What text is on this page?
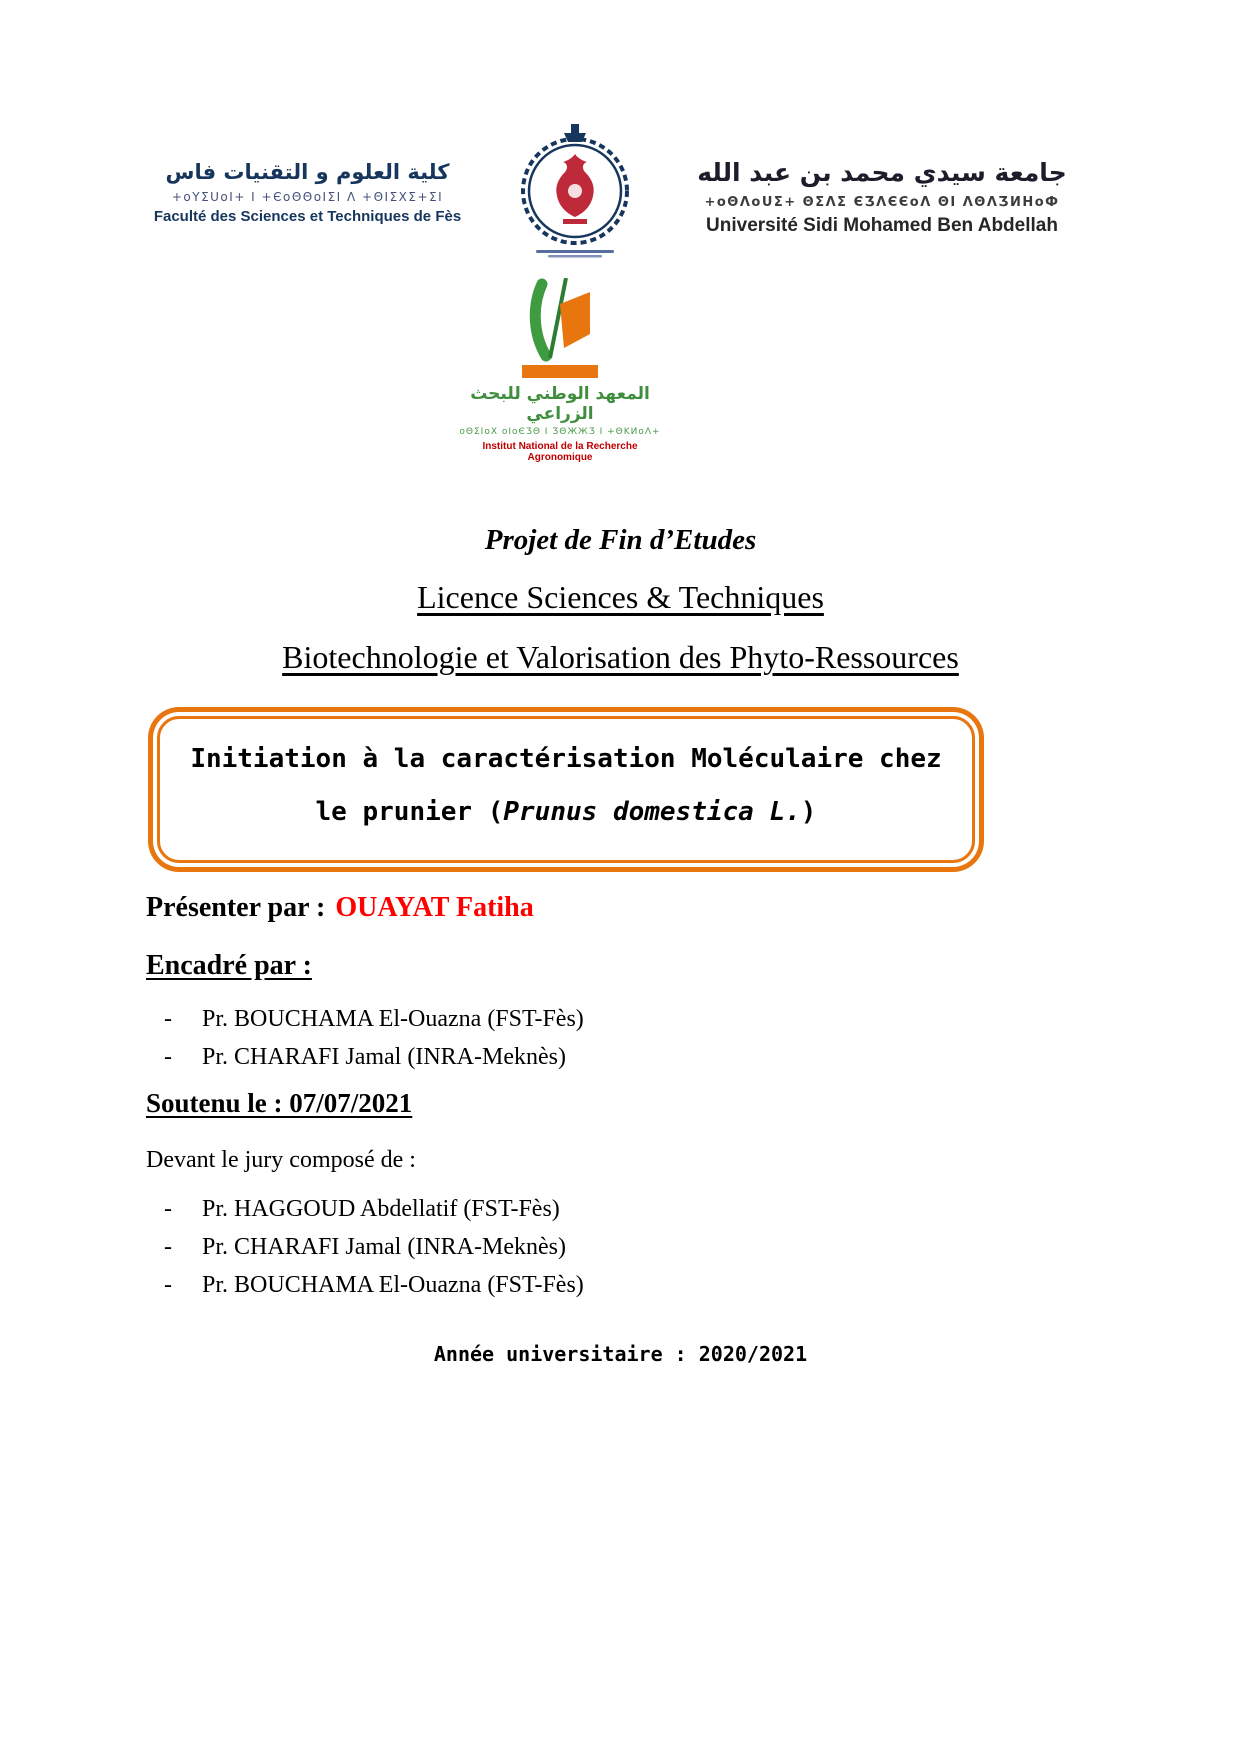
كلية العلوم و التقنيات فاس
+oYΣUoI+ I +ЄoΘΘoIΣI Λ +ΘIΣXΣ+ΣI
Faculté des Sciences et Techniques de Fès
جامعة سيدي محمد بن عبد الله
+oΘΛoUΣ+ ΘΣΛΣ ЄƷΛЄЄoΛ ΘI ΛΘΛƷИНoФ
Université Sidi Mohamed Ben Abdellah
المعهد الوطني للبحث الزراعي
oΘΣIoX oIoЄƷΘ I ƷΘЖЖƷ I +ΘΚИoΛ+
Institut National de la Recherche Agronomique
Projet de Fin d’Etudes
Licence Sciences & Techniques
Biotechnologie et Valorisation des Phyto-Ressources
Initiation à la caractérisation Moléculaire chez
le prunier (Prunus domestica L.)
Présenter par : OUAYAT Fatiha
Encadré par :
- Pr. BOUCHAMA El-Ouazna (FST-Fès)
- Pr. CHARAFI Jamal (INRA-Meknès)
Soutenu le : 07/07/2021
Devant le jury composé de :
- Pr. HAGGOUD Abdellatif (FST-Fès)
- Pr. CHARAFI Jamal (INRA-Meknès)
- Pr. BOUCHAMA El-Ouazna (FST-Fès)
Année universitaire : 2020/2021
